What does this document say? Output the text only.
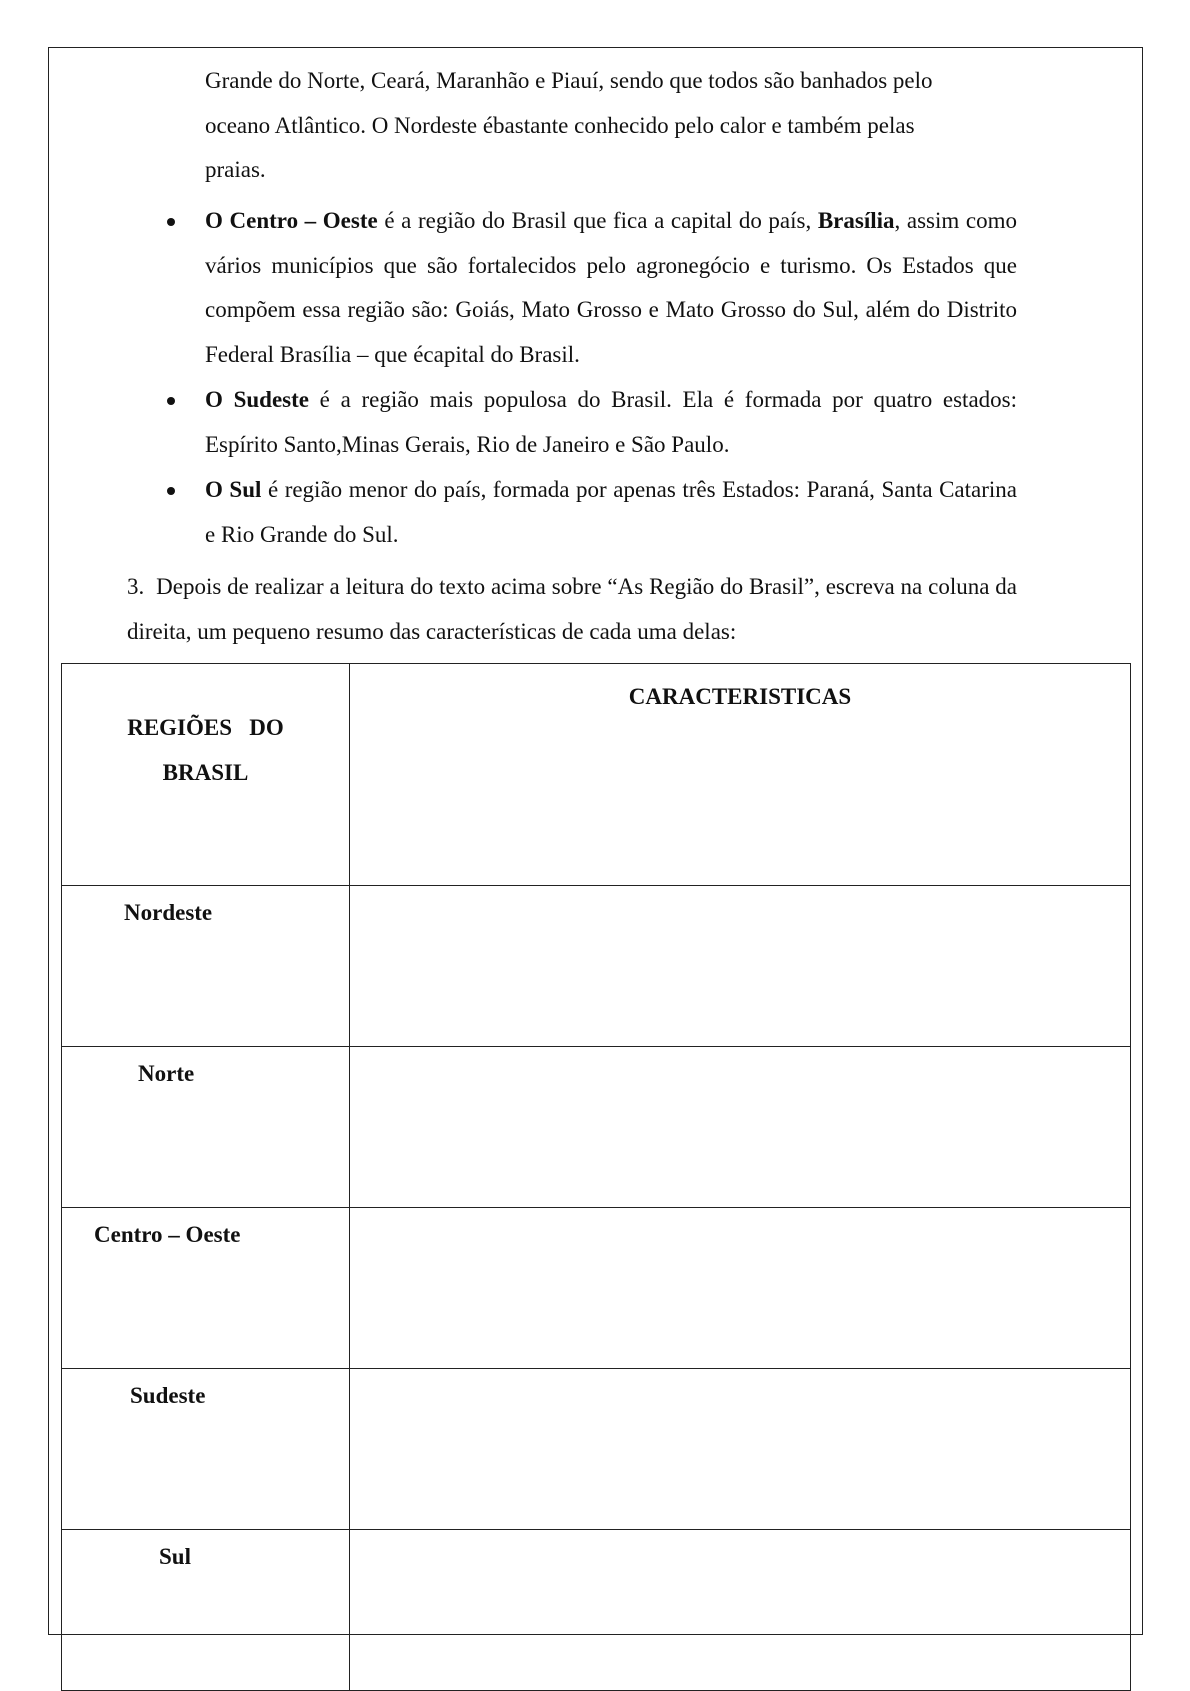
Grande do Norte, Ceará, Maranhão e Piauí, sendo que todos são banhados pelo
oceano Atlântico. O Nordeste ébastante conhecido pelo calor e também pelas
praias.
O Centro – Oeste é a região do Brasil que fica a capital do país, Brasília, assim como vários municípios que são fortalecidos pelo agronegócio e turismo. Os Estados que compõem essa região são: Goiás, Mato Grosso e Mato Grosso do Sul, além do Distrito Federal Brasília – que écapital do Brasil.
O Sudeste é a região mais populosa do Brasil. Ela é formada por quatro estados: Espírito Santo,Minas Gerais, Rio de Janeiro e São Paulo.
O Sul é região menor do país, formada por apenas três Estados: Paraná, Santa Catarina e Rio Grande do Sul.

3. Depois de realizar a leitura do texto acima sobre “As Região do Brasil”, escreva na coluna da direita, um pequeno resumo das características de cada uma delas:

REGIÕES   DO
BRASIL	CARACTERISTICAS
Nordeste	
Norte	
Centro – Oeste	
Sudeste	
Sul	
